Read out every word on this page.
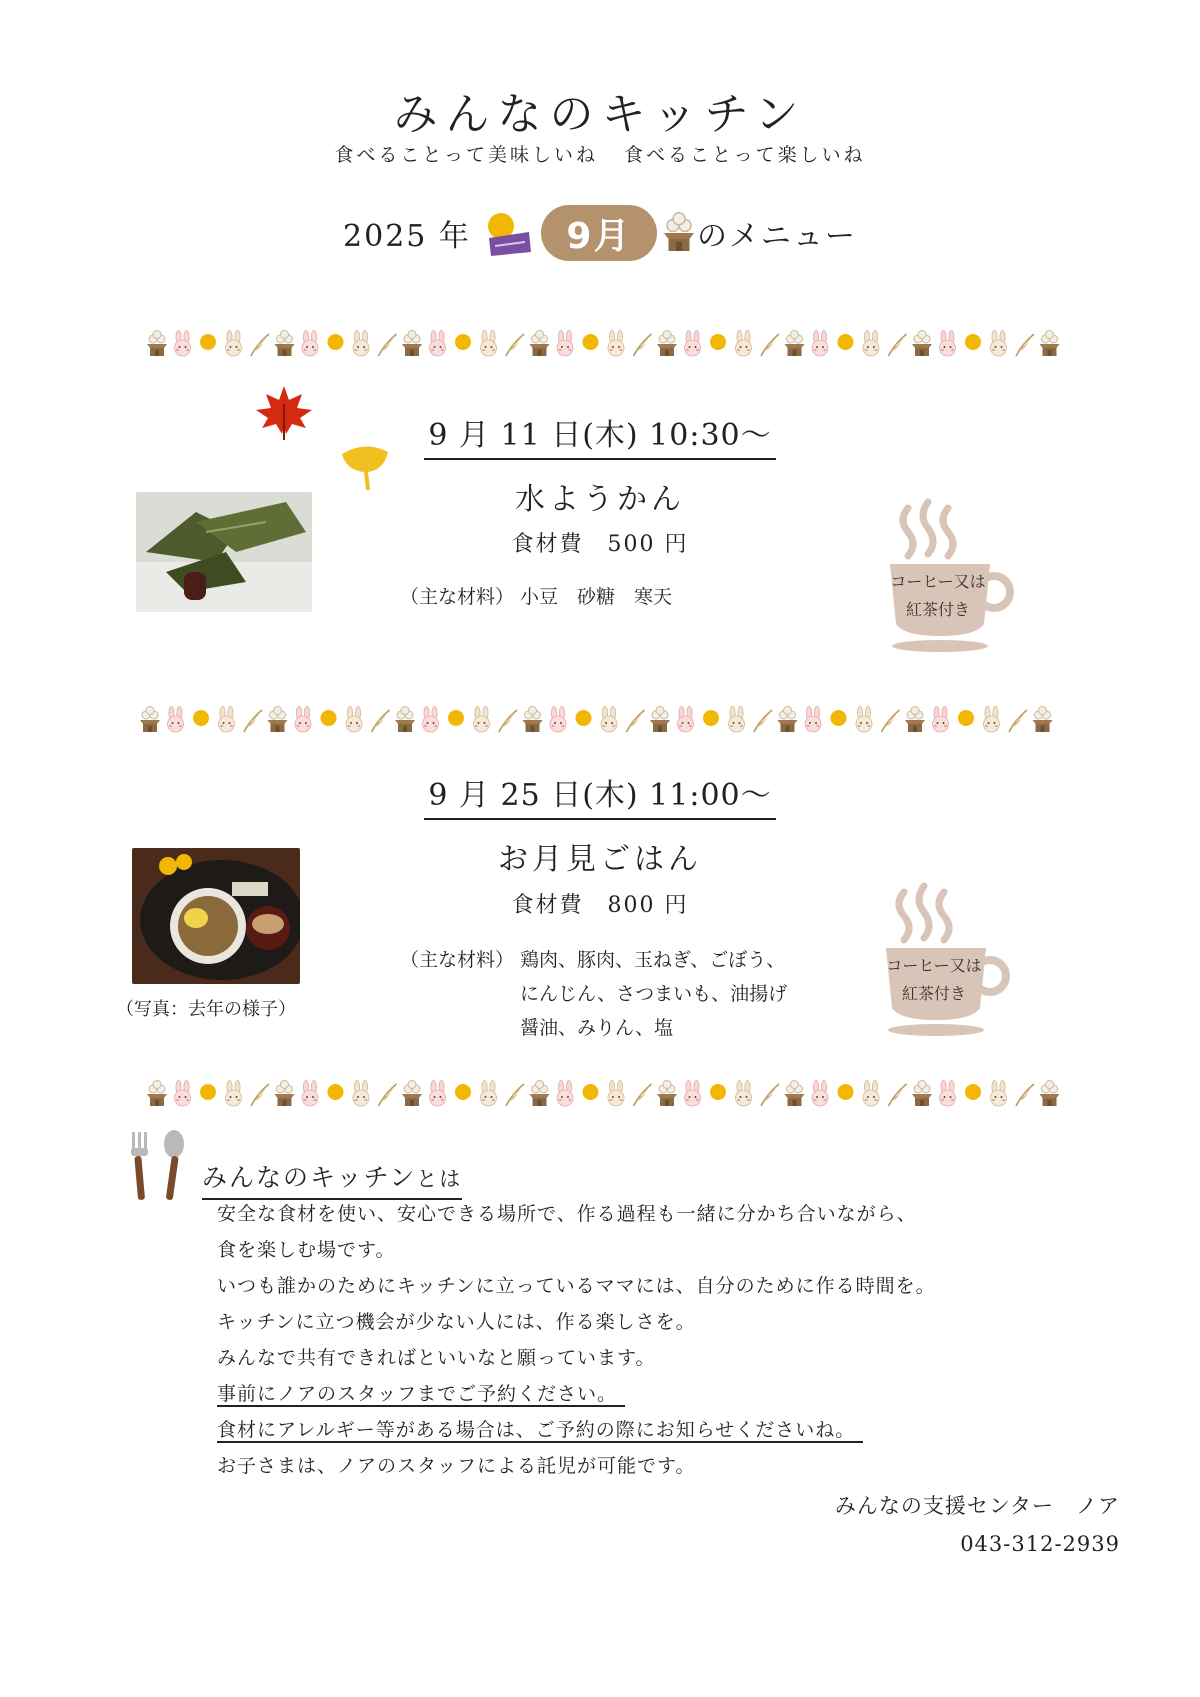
みんなのキッチン
食べることって美味しいね 食べることって楽しいね
2025 年	9月	のメニュー
9 月 11 日(木) 10:30～
水ようかん
食材費 500 円
（主な材料） 小豆　砂糖　寒天
コーヒー又は
紅茶付き
9 月 25 日(木) 11:00～
お月見ごはん
食材費 800 円
（主な材料） 鶏肉、豚肉、玉ねぎ、ごぼう、
にんじん、さつまいも、油揚げ
醤油、みりん、塩
（写真：去年の様子）
コーヒー又は
紅茶付き
みんなのキッチンとは
安全な食材を使い、安心できる場所で、作る過程も一緒に分かち合いながら、
食を楽しむ場です。
いつも誰かのためにキッチンに立っているママには、自分のために作る時間を。
キッチンに立つ機会が少ない人には、作る楽しさを。
みんなで共有できればといいなと願っています。
事前にノアのスタッフまでご予約ください。
食材にアレルギー等がある場合は、ご予約の際にお知らせくださいね。
お子さまは、ノアのスタッフによる託児が可能です。
みんなの支援センター　ノア
043-312-2939
